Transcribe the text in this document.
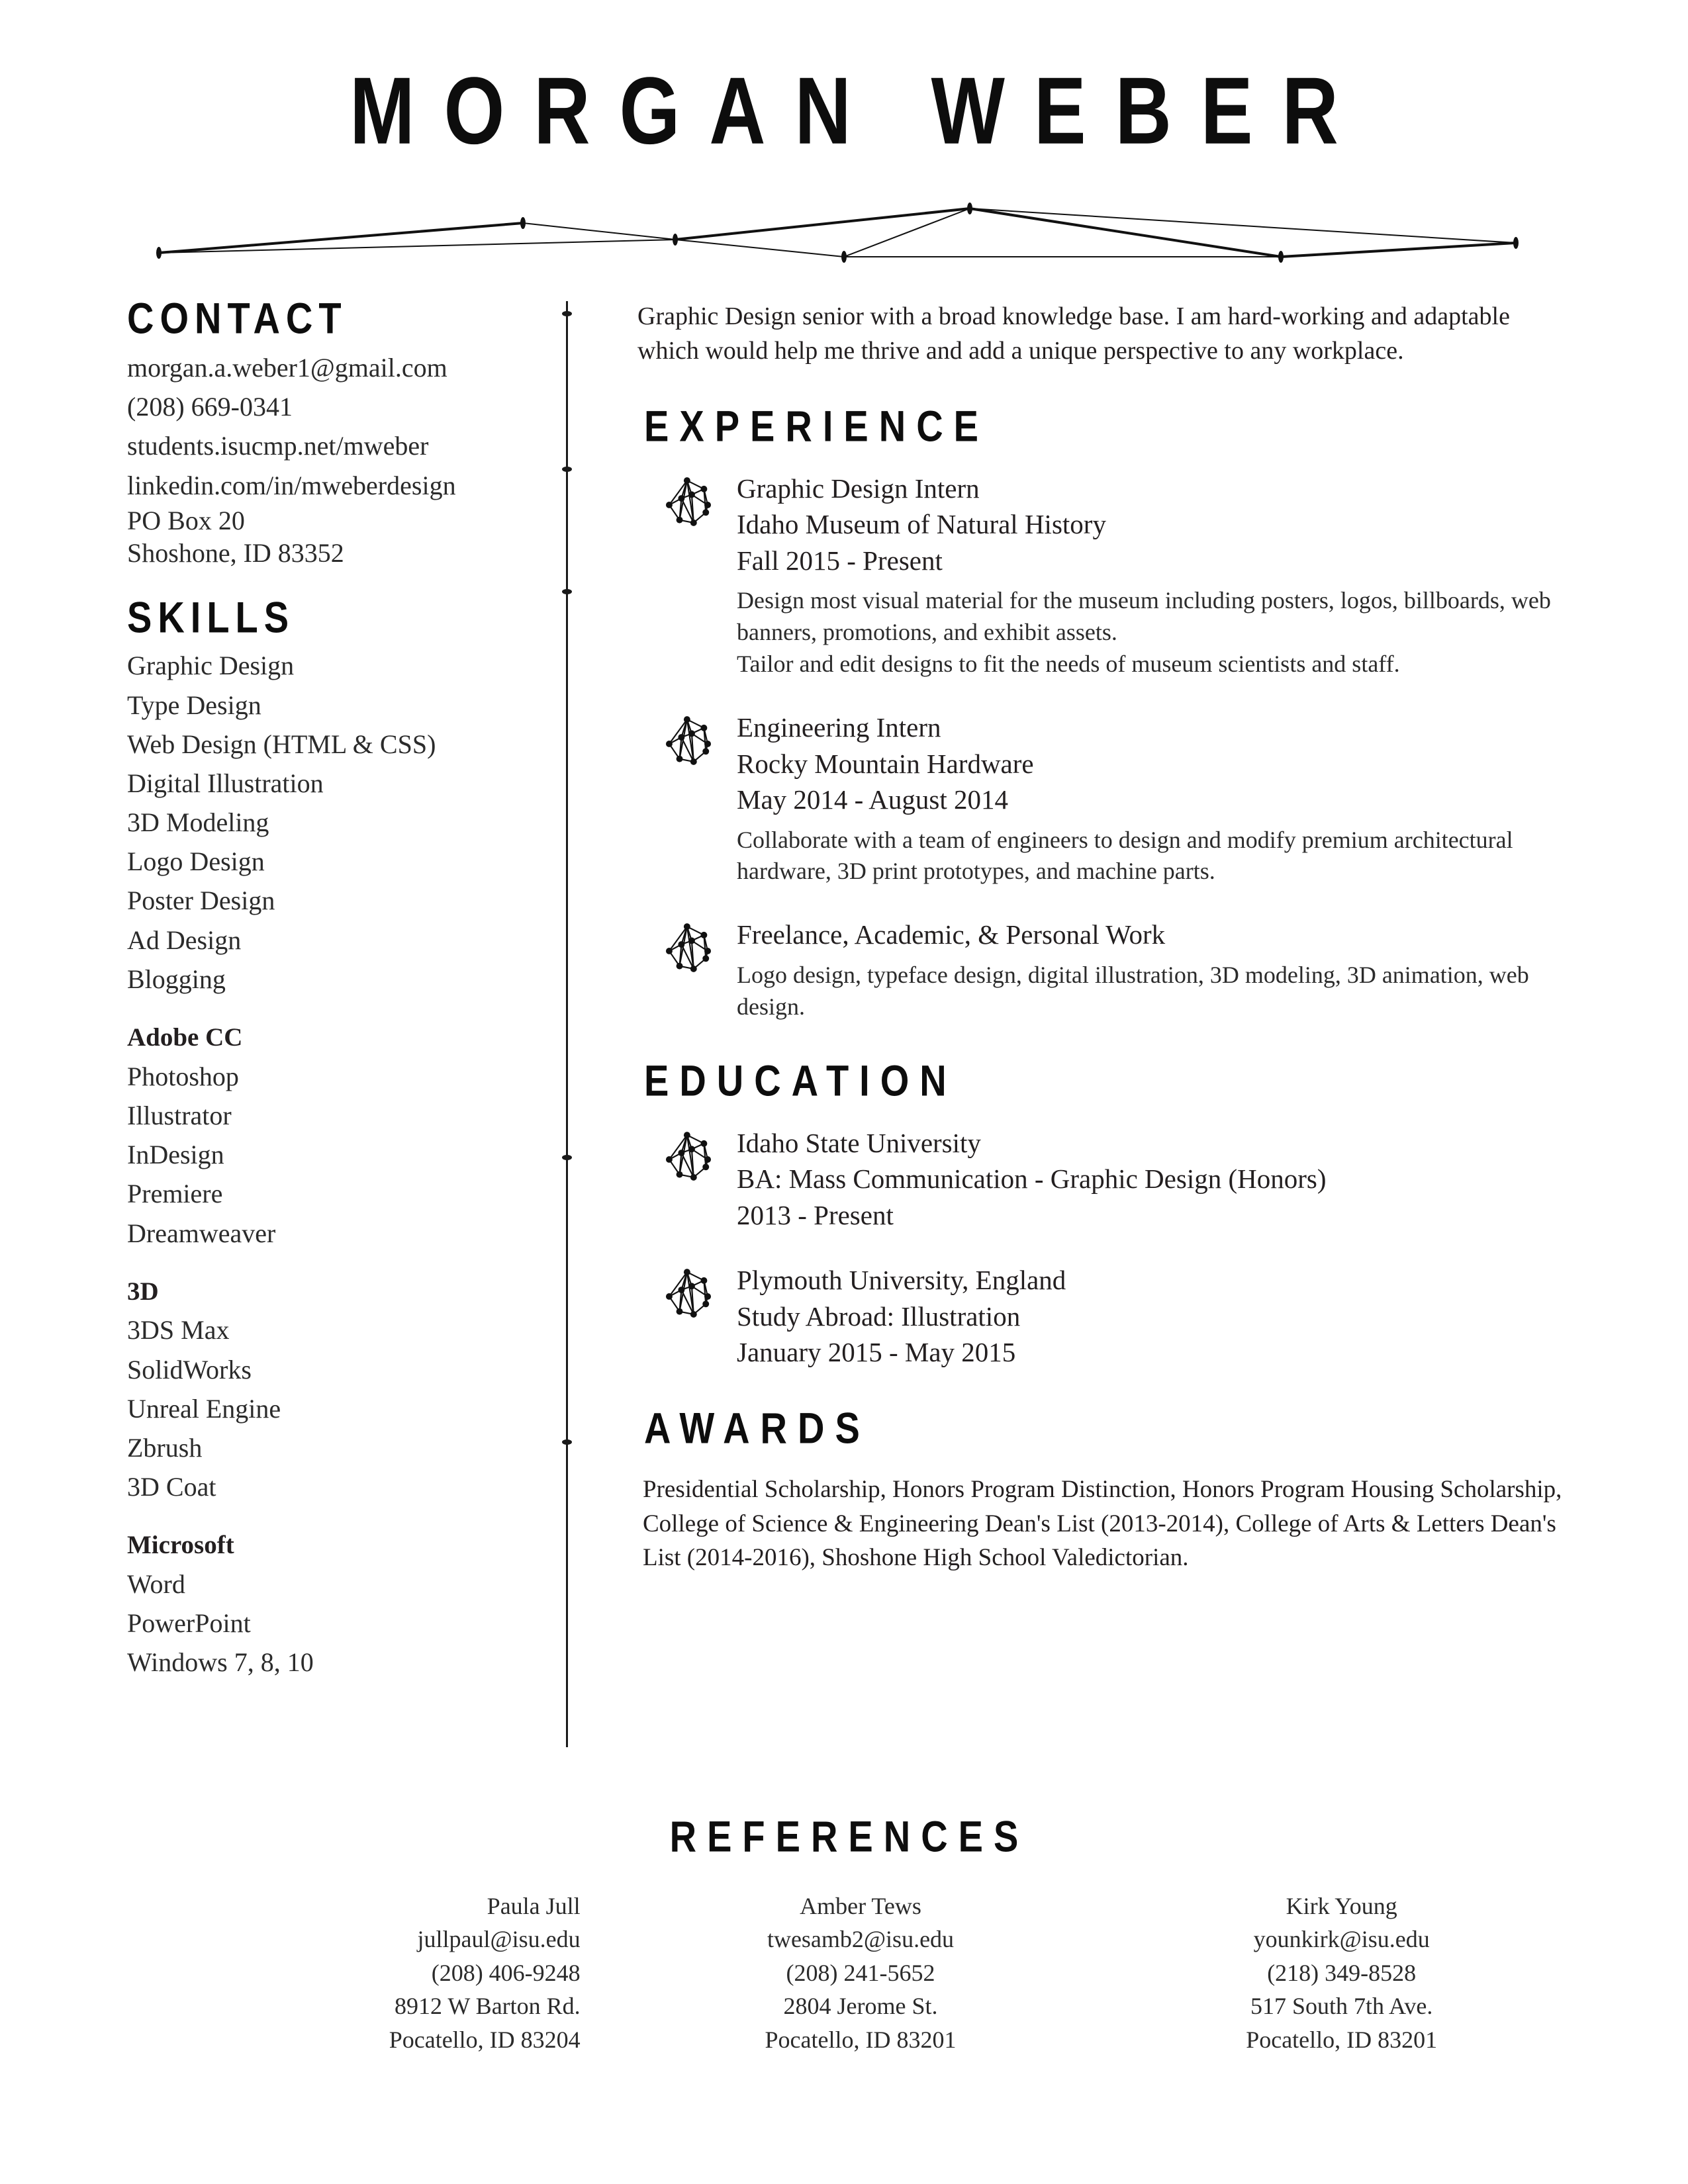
MORGAN WEBER
CONTACT
morgan.a.weber1@gmail.com
(208) 669-0341
students.isucmp.net/mweber
linkedin.com/in/mweberdesign
PO Box 20
Shoshone, ID 83352
SKILLS
Graphic Design
Type Design
Web Design (HTML & CSS)
Digital Illustration
3D Modeling
Logo Design
Poster Design
Ad Design
Blogging
Adobe CC
Photoshop
Illustrator
InDesign
Premiere
Dreamweaver
3D
3DS Max
SolidWorks
Unreal Engine
Zbrush
3D Coat
Microsoft
Word
PowerPoint
Windows 7, 8, 10

Graphic Design senior with a broad knowledge base. I am hard-working and adaptable which would help me thrive and add a unique perspective to any workplace.

EXPERIENCE
Graphic Design Intern
Idaho Museum of Natural History
Fall 2015 - Present
Design most visual material for the museum including posters, logos, billboards, web banners, promotions, and exhibit assets.
Tailor and edit designs to fit the needs of museum scientists and staff.
Engineering Intern
Rocky Mountain Hardware
May 2014 - August 2014
Collaborate with a team of engineers to design and modify premium architectural hardware, 3D print prototypes, and machine parts.
Freelance, Academic, & Personal Work
Logo design, typeface design, digital illustration, 3D modeling, 3D animation, web design.
EDUCATION
Idaho State University
BA: Mass Communication - Graphic Design (Honors)
2013 - Present
Plymouth University, England
Study Abroad: Illustration
January 2015 - May 2015
AWARDS

Presidential Scholarship, Honors Program Distinction, Honors Program Housing Scholarship, College of Science & Engineering Dean's List (2013-2014), College of Arts & Letters Dean's List (2014-2016), Shoshone High School Valedictorian.

REFERENCES
Paula Jull
jullpaul@isu.edu
(208) 406-9248
8912 W Barton Rd.
Pocatello, ID 83204
Amber Tews
twesamb2@isu.edu
(208) 241-5652
2804 Jerome St.
Pocatello, ID 83201
Kirk Young
younkirk@isu.edu
(218) 349-8528
517 South 7th Ave.
Pocatello, ID 83201
